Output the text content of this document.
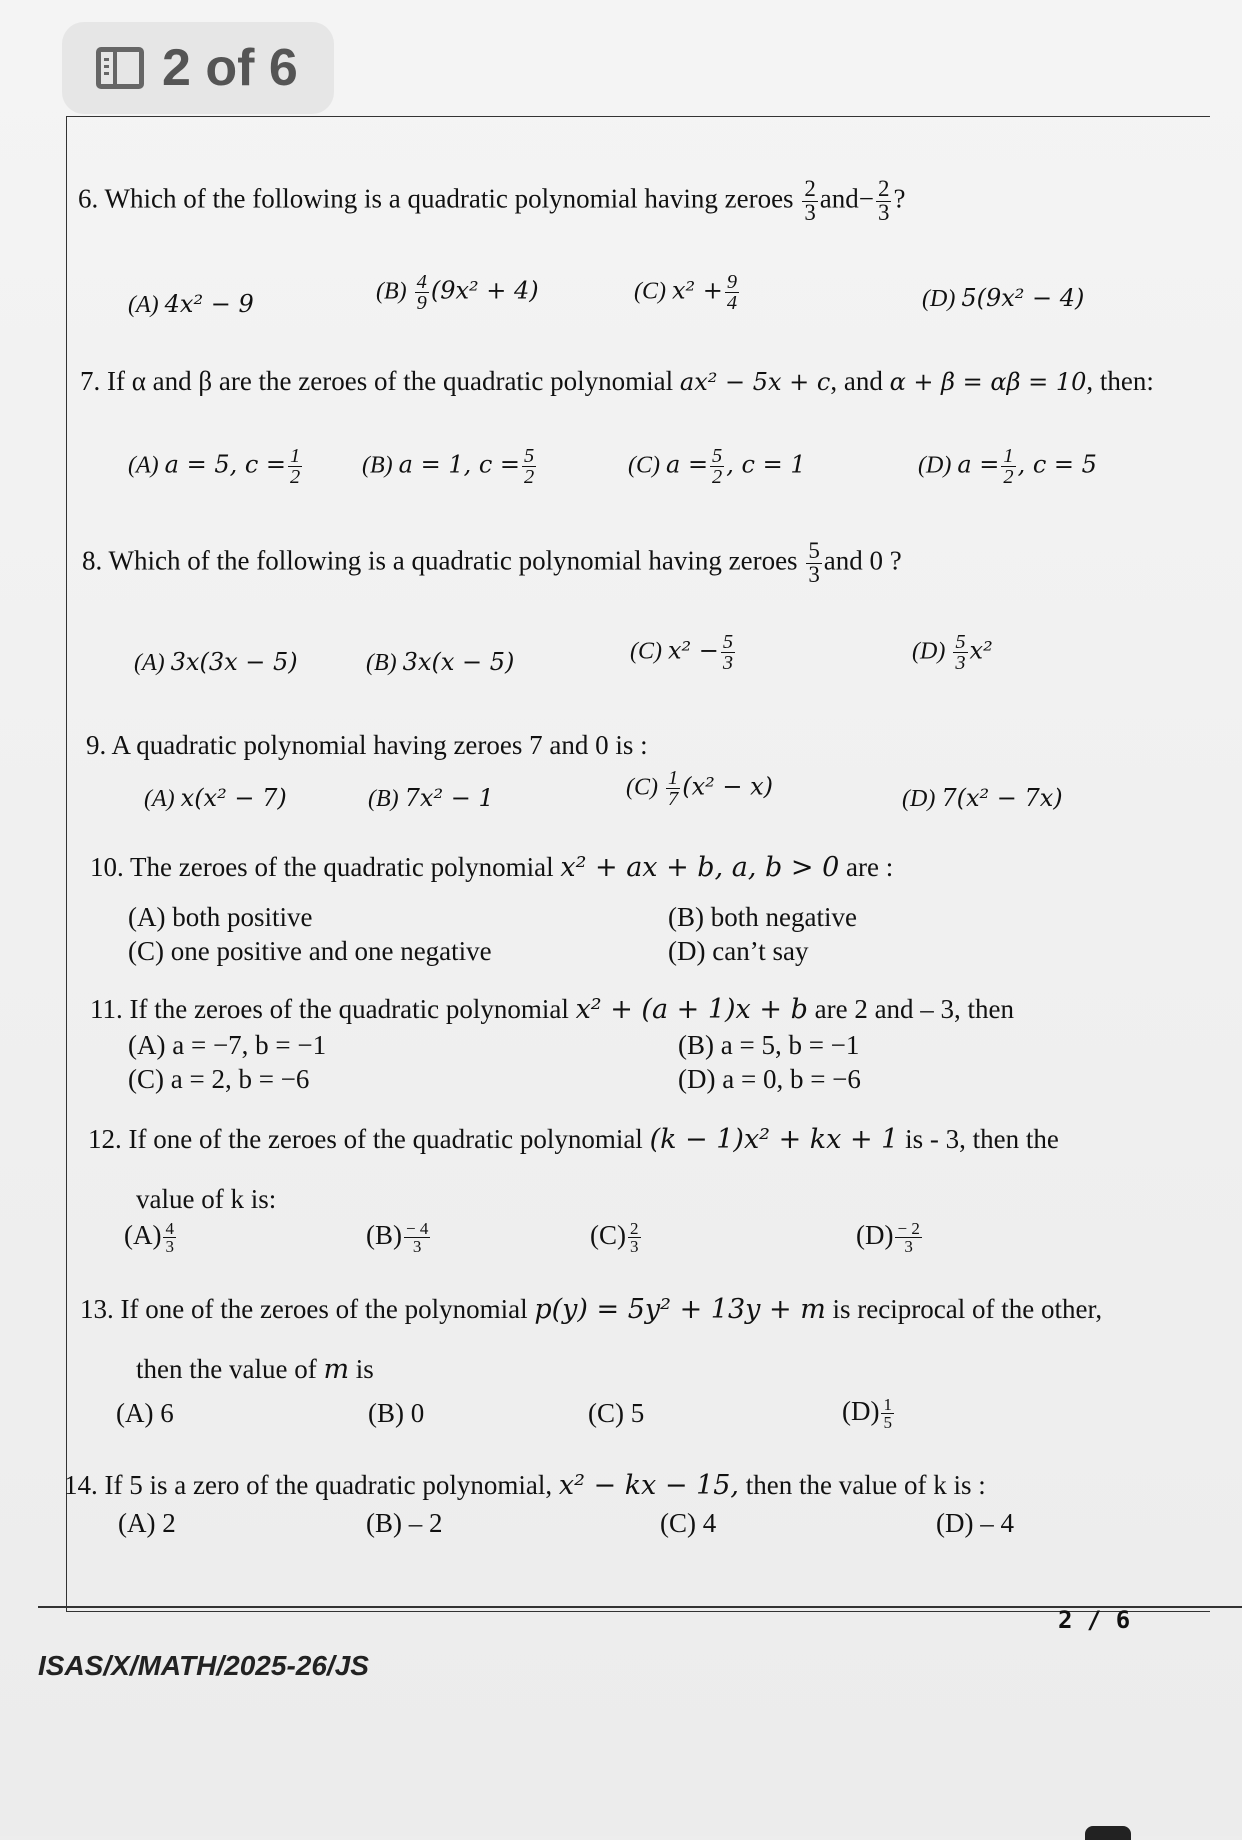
2 of 6
6. Which of the following is a quadratic polynomial having zeroes $\frac{2}{3} and- \frac{2}{3}$ ?
(A) 4x² − 9	$(B) \frac{4}{9} (9x^2 + 4)$	(C) $x^2 + \frac{9}{4}$	(D) 5(9x² − 4)
7. If α and β are the zeroes of the quadratic polynomial ax² − 5x + c, and α + β = αβ = 10, then:
(A) a = 5, $c = \frac{1}{2} (B) a = 1$, $c = \frac{5}{2}$	(C) $a = \frac{5}{2}$ , c = 1	(D) $a = \frac{1}{2}$ , c = 5
8. Which of the following is a quadratic polynomial having zeroes $\frac{5}{3}$ and 0 ?
(A) 3x(3x − 5)	(B) 3x(x − 5)	(C) $x^2 - \frac{5}{3}$	$(D) \frac{5}{3} x^2$
9. A quadratic polynomial having zeroes 7 and 0 is :
(A) x(x² − 7)	(B) 7x² − 1	$(C) \frac{1}{7} (x^2 - x)$	(D) 7(x² − 7x)
10. The zeroes of the quadratic polynomial x² + ax + b, a, b > 0 are :
(A) both positive	(B) both negative
(C) one positive and one negative	(D) can’t say
11. If the zeroes of the quadratic polynomial x² + (a + 1)x + b are 2 and – 3, then
(A) a = −7, b = −1	(B) a = 5, b = −1
(C) a = 2, b = −6	(D) a = 0, b = −6
12. If one of the zeroes of the quadratic polynomial (k − 1)x² + kx + 1 is - 3, then the
value of k is:
$(A) \frac{4}{3}$	$(B) \frac{- 4}{3}$	$(C) \frac{2}{3}$	$(D) \frac{- 2}{3}$
13. If one of the zeroes of the polynomial p(y) = 5y² + 13y + m is reciprocal of the other,
then the value of m is
(A) 6	(B) 0	(C) 5	$(D) \frac{1}{5}$
14. If 5 is a zero of the quadratic polynomial, x² − kx − 15, then the value of k is :
(A) 2	(B) – 2	(C) 4	(D) – 4
2 / 6
ISAS/X/MATH/2025-26/JS
